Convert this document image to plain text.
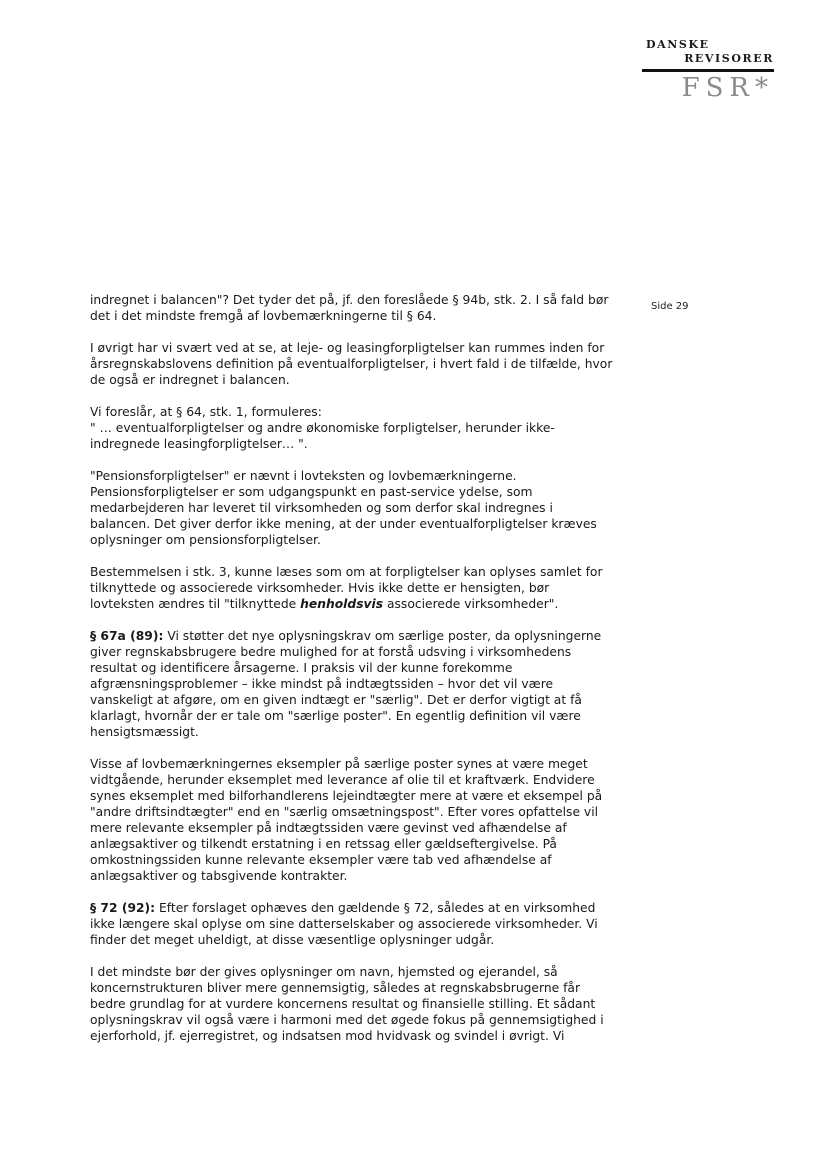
DANSKE
REVISORER
FSR*
Side 29

indregnet i balancen"? Det tyder det på, jf. den foreslåede § 94b, stk. 2. I så fald bør det i det mindste fremgå af lovbemærkningerne til § 64.

I øvrigt har vi svært ved at se, at leje- og leasingforpligtelser kan rummes inden for årsregnskabslovens definition på eventualforpligtelser, i hvert fald i de tilfælde, hvor de også er indregnet i balancen.

Vi foreslår, at § 64, stk. 1, formuleres:

" … eventualforpligtelser og andre økonomiske forpligtelser, herunder ikke-indregnede leasingforpligtelser… ".

"Pensionsforpligtelser" er nævnt i lovteksten og lovbemærkningerne. Pensionsforpligtelser er som udgangspunkt en past-service ydelse, som medarbejderen har leveret til virksomheden og som derfor skal indregnes i balancen. Det giver derfor ikke mening, at der under eventualforpligtelser kræves oplysninger om pensionsforpligtelser.

Bestemmelsen i stk. 3, kunne læses som om at forpligtelser kan oplyses samlet for tilknyttede og associerede virksomheder. Hvis ikke dette er hensigten, bør lovteksten ændres til "tilknyttede henholdsvis associerede virksomheder".

§ 67a (89): Vi støtter det nye oplysningskrav om særlige poster, da oplysningerne giver regnskabsbrugere bedre mulighed for at forstå udsving i virksomhedens resultat og identificere årsagerne. I praksis vil der kunne forekomme afgrænsningsproblemer – ikke mindst på indtægtssiden – hvor det vil være vanskeligt at afgøre, om en given indtægt er "særlig". Det er derfor vigtigt at få klarlagt, hvornår der er tale om "særlige poster". En egentlig definition vil være hensigtsmæssigt.

Visse af lovbemærkningernes eksempler på særlige poster synes at være meget vidtgående, herunder eksemplet med leverance af olie til et kraftværk. Endvidere synes eksemplet med bilforhandlerens lejeindtægter mere at være et eksempel på "andre driftsindtægter" end en "særlig omsætningspost". Efter vores opfattelse vil mere relevante eksempler på indtægtssiden være gevinst ved afhændelse af anlægsaktiver og tilkendt erstatning i en retssag eller gældseftergivelse. På omkostningssiden kunne relevante eksempler være tab ved afhændelse af anlægsaktiver og tabsgivende kontrakter.

§ 72 (92): Efter forslaget ophæves den gældende § 72, således at en virksomhed ikke længere skal oplyse om sine datterselskaber og associerede virksomheder. Vi finder det meget uheldigt, at disse væsentlige oplysninger udgår.

I det mindste bør der gives oplysninger om navn, hjemsted og ejerandel, så koncernstrukturen bliver mere gennemsigtig, således at regnskabsbrugerne får bedre grundlag for at vurdere koncernens resultat og finansielle stilling. Et sådant oplysningskrav vil også være i harmoni med det øgede fokus på gennemsigtighed i ejerforhold, jf. ejerregistret, og indsatsen mod hvidvask og svindel i øvrigt. Vi
